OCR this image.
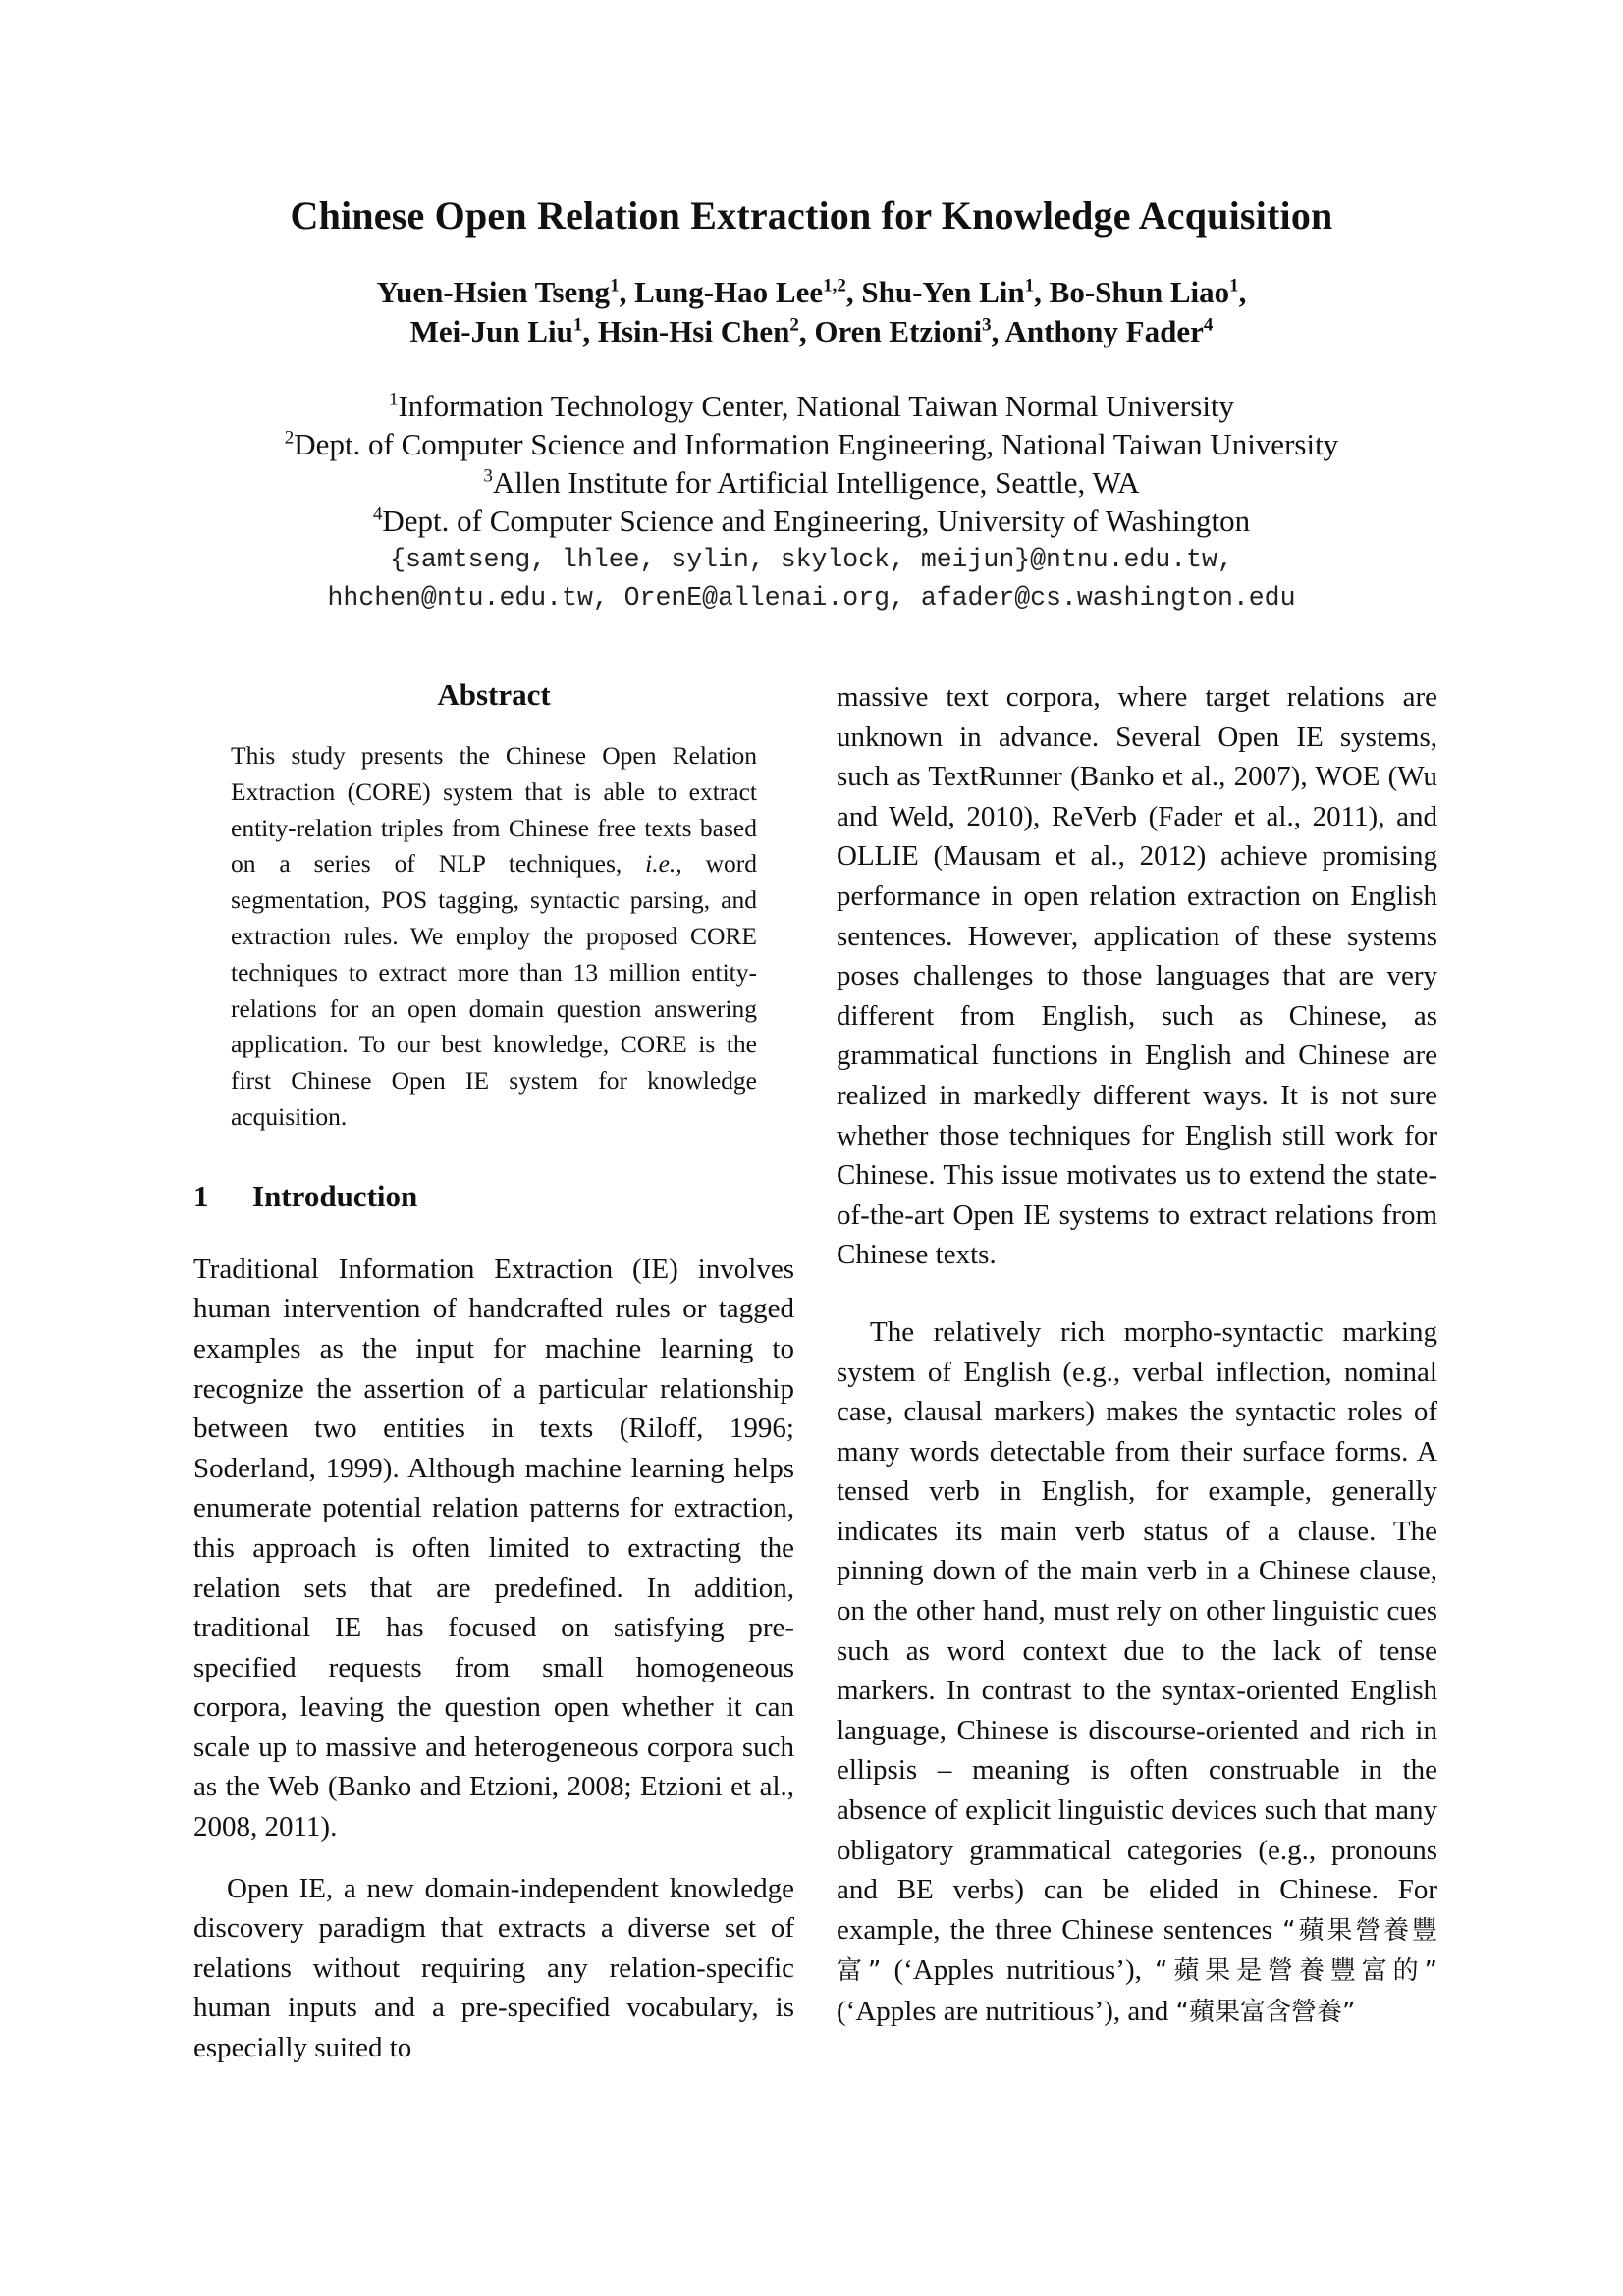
Chinese Open Relation Extraction for Knowledge Acquisition
Yuen-Hsien Tseng$^1$, Lung-Hao Lee$^{1,2}$, Shu-Yen Lin$^1$, Bo-Shun Liao$^1$,
Mei-Jun Liu$^1$, Hsin-Hsi Chen$^2$, Oren Etzioni$^3$, Anthony Fader$^4$
$^1$Information Technology Center, National Taiwan Normal University
$^2$Dept. of Computer Science and Information Engineering, National Taiwan University
$^3$Allen Institute for Artificial Intelligence, Seattle, WA
$^4$Dept. of Computer Science and Engineering, University of Washington
{samtseng, lhlee, sylin, skylock, meijun}@ntnu.edu.tw,
hhchen@ntu.edu.tw, OrenE@allenai.org, afader@cs.washington.edu
Abstract

This study presents the Chinese Open Relation Extraction (CORE) system that is able to extract entity-relation triples from Chinese free texts based on a series of NLP techniques, i.e., word segmentation, POS tagging, syntactic parsing, and extraction rules. We employ the proposed CORE techniques to extract more than 13 million entity-relations for an open domain question answering application. To our best knowledge, CORE is the first Chinese Open IE system for knowledge acquisition.

1	Introduction

Traditional Information Extraction (IE) involves human intervention of handcrafted rules or tagged examples as the input for machine learning to recognize the assertion of a particular relationship between two entities in texts (Riloff, 1996; Soderland, 1999). Although machine learning helps enumerate potential relation patterns for extraction, this approach is often limited to extracting the relation sets that are predefined. In addition, traditional IE has focused on satisfying pre-specified requests from small homogeneous corpora, leaving the question open whether it can scale up to massive and heterogeneous corpora such as the Web (Banko and Etzioni, 2008; Etzioni et al., 2008, 2011).

Open IE, a new domain-independent knowledge discovery paradigm that extracts a diverse set of relations without requiring any relation-specific human inputs and a pre-specified vocabulary, is especially suited to

massive text corpora, where target relations are unknown in advance. Several Open IE systems, such as TextRunner (Banko et al., 2007), WOE (Wu and Weld, 2010), ReVerb (Fader et al., 2011), and OLLIE (Mausam et al., 2012) achieve promising performance in open relation extraction on English sentences. However, application of these systems poses challenges to those languages that are very different from English, such as Chinese, as grammatical functions in English and Chinese are realized in markedly different ways. It is not sure whether those techniques for English still work for Chinese. This issue motivates us to extend the state-of-the-art Open IE systems to extract relations from Chinese texts.

The relatively rich morpho-syntactic marking system of English (e.g., verbal inflection, nominal case, clausal markers) makes the syntactic roles of many words detectable from their surface forms. A tensed verb in English, for example, generally indicates its main verb status of a clause. The pinning down of the main verb in a Chinese clause, on the other hand, must rely on other linguistic cues such as word context due to the lack of tense markers. In contrast to the syntax-oriented English language, Chinese is discourse-oriented and rich in ellipsis – meaning is often construable in the absence of explicit linguistic devices such that many obligatory grammatical categories (e.g., pronouns and BE verbs) can be elided in Chinese. For example, the three Chinese sentences “蘋果營養豐富” (‘Apples nutritious’), “蘋果是營養豐富的” (‘Apples are nutritious’), and “蘋果富含營養”
